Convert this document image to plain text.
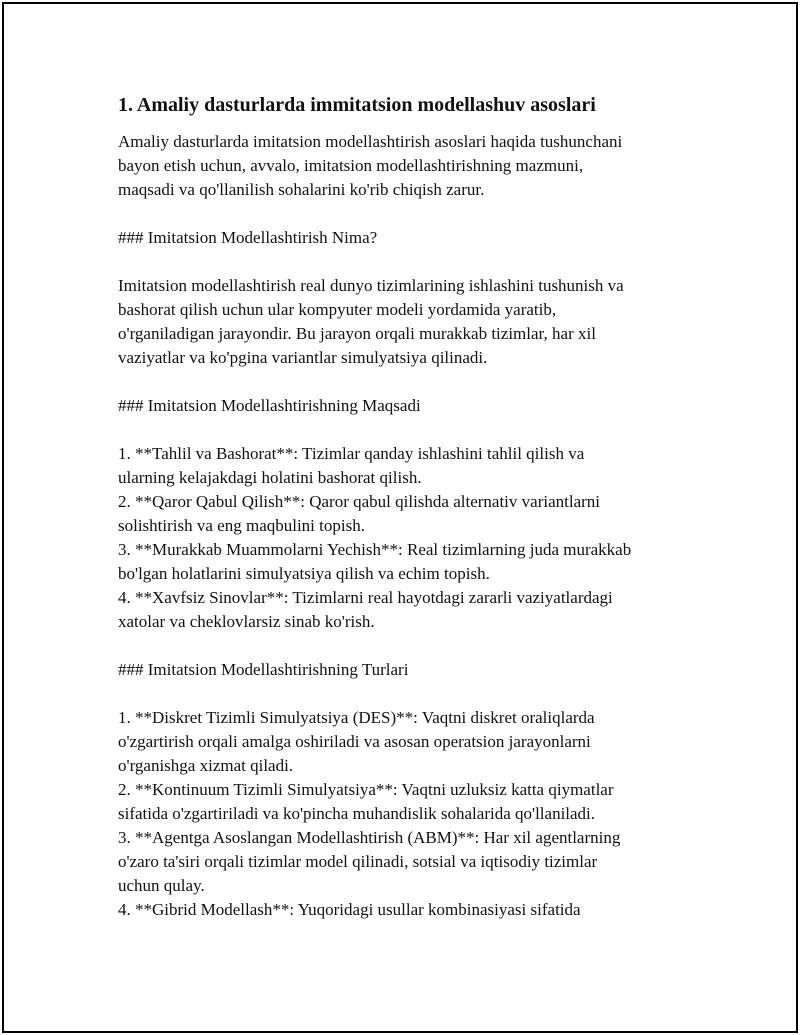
1. Amaliy dasturlarda immitatsion modellashuv asoslari

Amaliy dasturlarda imitatsion modellashtirish asoslari haqida tushunchani

bayon etish uchun, avvalo, imitatsion modellashtirishning mazmuni,

maqsadi va qo'llanilish sohalarini ko'rib chiqish zarur.

### Imitatsion Modellashtirish Nima?

Imitatsion modellashtirish real dunyo tizimlarining ishlashini tushunish va

bashorat qilish uchun ular kompyuter modeli yordamida yaratib,

o'rganiladigan jarayondir. Bu jarayon orqali murakkab tizimlar, har xil

vaziyatlar va ko'pgina variantlar simulyatsiya qilinadi.

### Imitatsion Modellashtirishning Maqsadi

1. **Tahlil va Bashorat**: Tizimlar qanday ishlashini tahlil qilish va

ularning kelajakdagi holatini bashorat qilish.

2. **Qaror Qabul Qilish**: Qaror qabul qilishda alternativ variantlarni

solishtirish va eng maqbulini topish.

3. **Murakkab Muammolarni Yechish**: Real tizimlarning juda murakkab

bo'lgan holatlarini simulyatsiya qilish va echim topish.

4. **Xavfsiz Sinovlar**: Tizimlarni real hayotdagi zararli vaziyatlardagi

xatolar va cheklovlarsiz sinab ko'rish.

### Imitatsion Modellashtirishning Turlari

1. **Diskret Tizimli Simulyatsiya (DES)**: Vaqtni diskret oraliqlarda

o'zgartirish orqali amalga oshiriladi va asosan operatsion jarayonlarni

o'rganishga xizmat qiladi.

2. **Kontinuum Tizimli Simulyatsiya**: Vaqtni uzluksiz katta qiymatlar

sifatida o'zgartiriladi va ko'pincha muhandislik sohalarida qo'llaniladi.

3. **Agentga Asoslangan Modellashtirish (ABM)**: Har xil agentlarning

o'zaro ta'siri orqali tizimlar model qilinadi, sotsial va iqtisodiy tizimlar

uchun qulay.

4. **Gibrid Modellash**: Yuqoridagi usullar kombinasiyasi sifatida
